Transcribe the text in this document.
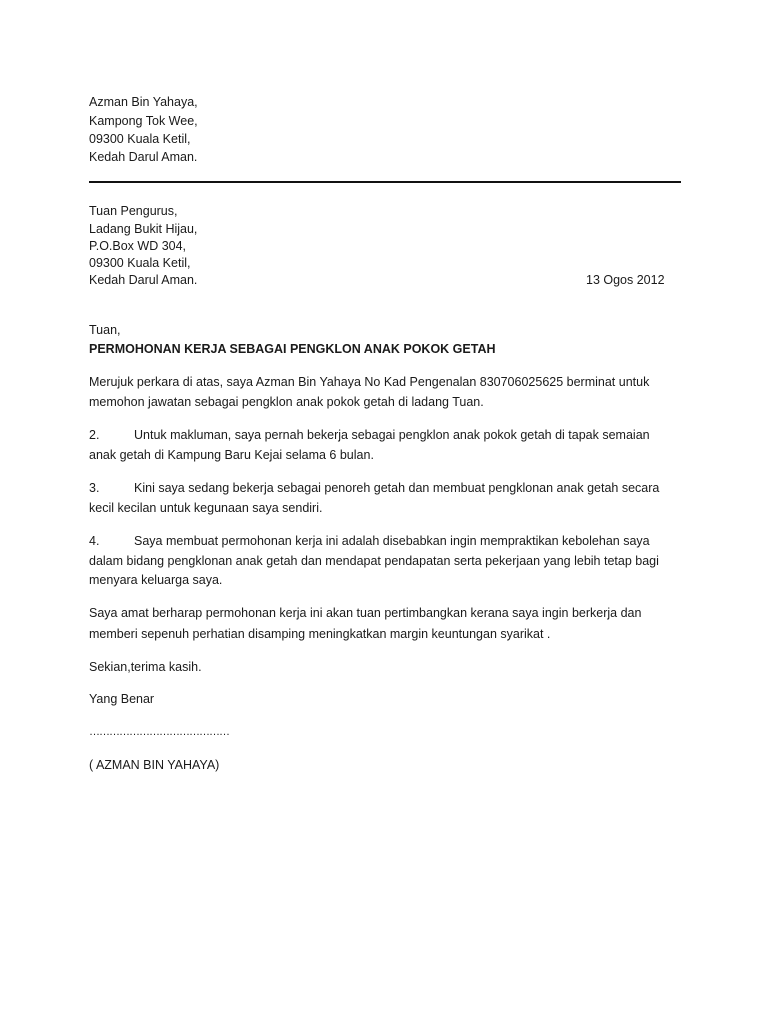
Azman Bin Yahaya,
Kampong Tok Wee,
09300 Kuala Ketil,
Kedah Darul Aman.
Tuan Pengurus,
Ladang Bukit Hijau,
P.O.Box WD 304,
09300 Kuala Ketil,
Kedah Darul Aman.	13 Ogos 2012
Tuan,
PERMOHONAN KERJA SEBAGAI PENGKLON ANAK POKOK GETAH
Merujuk perkara di atas, saya Azman Bin Yahaya No Kad Pengenalan 830706025625 berminat untuk
memohon jawatan sebagai pengklon anak pokok getah di ladang Tuan.
2.	Untuk makluman, saya pernah bekerja sebagai pengklon anak pokok getah di tapak semaian
anak getah di Kampung Baru Kejai selama 6 bulan.
3.	Kini saya sedang bekerja sebagai penoreh getah dan membuat pengklonan anak getah secara
kecil kecilan untuk kegunaan saya sendiri.
4.	Saya membuat permohonan kerja ini adalah disebabkan ingin mempraktikan kebolehan saya
dalam bidang pengklonan anak getah dan mendapat pendapatan serta pekerjaan yang lebih tetap bagi
menyara keluarga saya.
Saya amat berharap permohonan kerja ini akan tuan pertimbangkan kerana saya ingin berkerja dan
memberi sepenuh perhatian disamping meningkatkan margin keuntungan syarikat .
Sekian,terima kasih.
Yang Benar
……………………………………
( AZMAN BIN YAHAYA)
